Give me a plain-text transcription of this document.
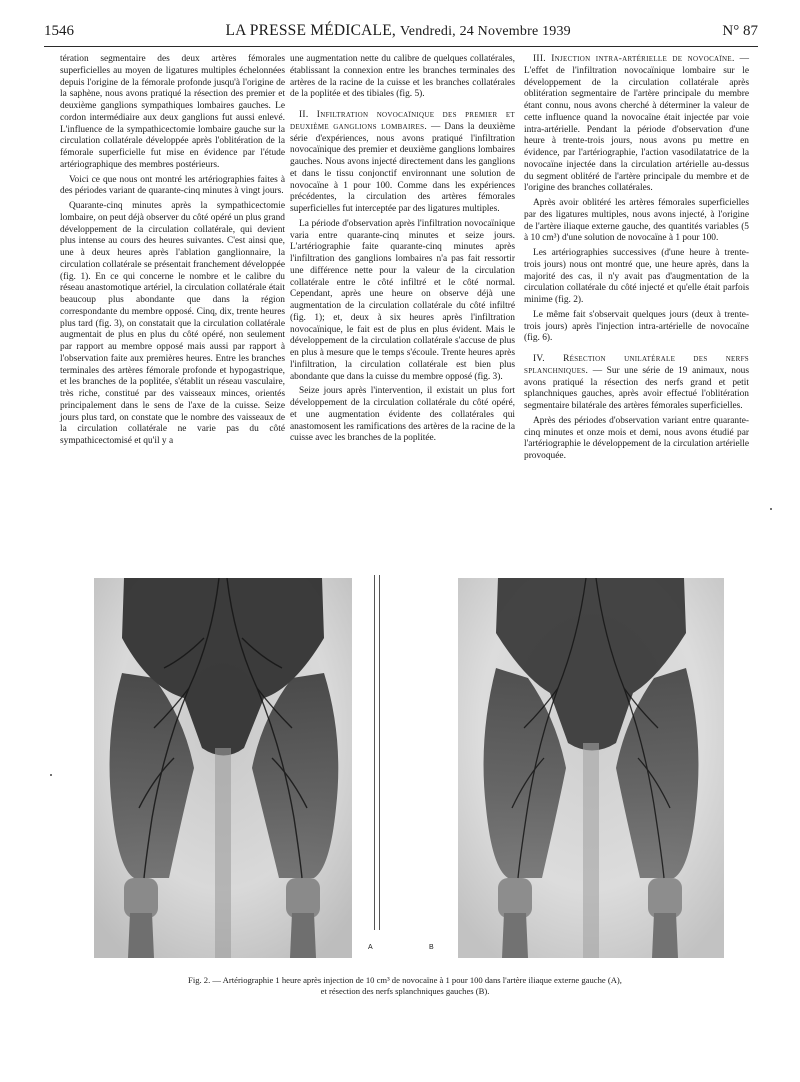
1546	LA PRESSE MÉDICALE, Vendredi, 24 Novembre 1939	N° 87

tération segmentaire des deux artères fémorales superficielles au moyen de ligatures multiples échelonnées depuis l'origine de la fémorale profonde jusqu'à l'origine de la saphène, nous avons pratiqué la résection des premier et deuxième ganglions sympathiques lombaires gauches. Le cordon intermédiaire aux deux ganglions fut aussi enlevé. L'influence de la sympathicectomie lombaire gauche sur la circulation collatérale développée après l'oblitération de la fémorale superficielle fut mise en évidence par l'étude artériographique des membres postérieurs.

Voici ce que nous ont montré les artériographies faites à des périodes variant de quarante-cinq minutes à vingt jours.

Quarante-cinq minutes après la sympathicectomie lombaire, on peut déjà observer du côté opéré un plus grand développement de la circulation collatérale, qui devient plus intense au cours des heures suivantes. C'est ainsi que, une à deux heures après l'ablation ganglionnaire, la circulation collatérale se présentait franchement développée (fig. 1). En ce qui concerne le nombre et le calibre du réseau anastomotique artériel, la circulation collatérale était beaucoup plus abondante que dans la région correspondante du membre opposé. Cinq, dix, trente heures plus tard (fig. 3), on constatait que la circulation collatérale augmentait de plus en plus du côté opéré, non seulement par rapport au membre opposé mais aussi par rapport à l'observation faite aux premières heures. Entre les branches terminales des artères fémorale profonde et hypogastrique, et les branches de la poplitée, s'établit un réseau vasculaire, très riche, constitué par des vaisseaux minces, orientés principalement dans le sens de l'axe de la cuisse. Seize jours plus tard, on constate que le nombre des vaisseaux de la circulation collatérale ne varie pas du côté sympathicectomisé et qu'il y a

une augmentation nette du calibre de quelques collatérales, établissant la connexion entre les branches terminales des artères de la racine de la cuisse et les branches collatérales de la poplitée et des tibiales (fig. 5).

II. Infiltration novocaïnique des premier et deuxième ganglions lombaires. — Dans la deuxième série d'expériences, nous avons pratiqué l'infiltration novocaïnique des premier et deuxième ganglions lombaires gauches. Nous avons injecté directement dans les ganglions et dans le tissu conjonctif environnant une solution de novocaïne à 1 pour 100. Comme dans les expériences précédentes, la circulation des artères fémorales superficielles fut interceptée par des ligatures multiples.

La période d'observation après l'infiltration novocaïnique varia entre quarante-cinq minutes et seize jours. L'artériographie faite quarante-cinq minutes après l'infiltration des ganglions lombaires n'a pas fait ressortir une différence nette pour la valeur de la circulation collatérale entre le côté infiltré et le côté normal. Cependant, après une heure on observe déjà une augmentation de la circulation collatérale du côté infiltré (fig. 1); et, deux à six heures après l'infiltration novocaïnique, le fait est de plus en plus évident. Mais le développement de la circulation collatérale s'accuse de plus en plus à mesure que le temps s'écoule. Trente heures après l'infiltration, la circulation collatérale est bien plus abondante que dans la cuisse du membre opposé (fig. 3).

Seize jours après l'intervention, il existait un plus fort développement de la circulation collatérale du côté opéré, et une augmentation évidente des collatérales qui anastomosent les ramifications des artères de la racine de la cuisse avec les branches de la poplitée.

III. Injection intra-artérielle de novocaïne. — L'effet de l'infiltration novocaïnique lombaire sur le développement de la circulation collatérale après oblitération segmentaire de l'artère principale du membre étant connu, nous avons cherché à déterminer la valeur de cette influence quand la novocaïne était injectée par voie intra-artérielle. Pendant la période d'observation d'une heure à trente-trois jours, nous avons pu mettre en évidence, par l'artériographie, l'action vasodilatatrice de la novocaïne injectée dans la circulation artérielle au-dessus du segment oblitéré de l'artère principale du membre et de l'origine des branches collatérales.

Après avoir oblitéré les artères fémorales superficielles par des ligatures multiples, nous avons injecté, à l'origine de l'artère iliaque externe gauche, des quantités variables (5 à 10 cm³) d'une solution de novocaïne à 1 pour 100.

Les artériographies successives (d'une heure à trente-trois jours) nous ont montré que, une heure après, dans la majorité des cas, il n'y avait pas d'augmentation de la circulation collatérale du côté injecté et qu'elle était parfois minime (fig. 2).

Le même fait s'observait quelques jours (deux à trente-trois jours) après l'injection intra-artérielle de novocaïne (fig. 6).

IV. Résection unilatérale des nerfs splanchniques. — Sur une série de 19 animaux, nous avons pratiqué la résection des nerfs grand et petit splanchniques gauches, après avoir effectué l'oblitération segmentaire bilatérale des artères fémorales superficielles.

Après des périodes d'observation variant entre quarante-cinq minutes et onze mois et demi, nous avons étudié par l'artériographie le développement de la circulation artérielle provoquée.

A	B
Fig. 2. — Artériographie 1 heure après injection de 10 cm³ de novocaïne à 1 pour 100 dans l'artère iliaque externe gauche (A),
et résection des nerfs splanchniques gauches (B).
